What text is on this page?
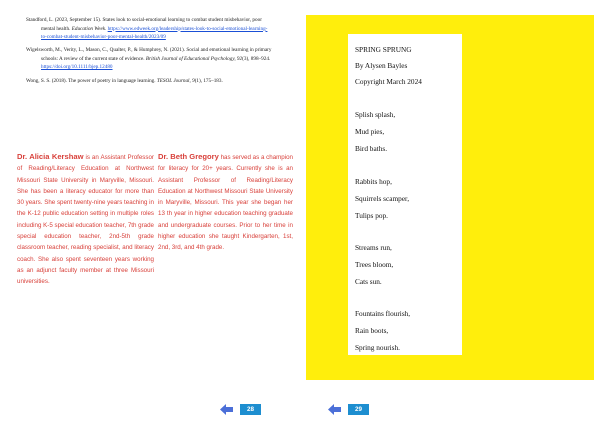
Standford, L. (2023, September 15). States look to social-emotional learning to combat student misbehavior, poor mental health. Education Week. https://www.edweek.org/leadership/states-look-to-social-emotional-learning-to-combat-student-misbehavior-poor-mental-health/2023/09
Wigelsworth, M., Verity, L., Mason, C., Qualter, P., & Humphrey, N. (2021). Social and emotional learning in primary schools: A review of the current state of evidence. British Journal of Educational Psychology, 92(3), 898–924. https://doi.org/10.1111/bjep.12480
Wong, S. S. (2018). The power of poetry in language learning. TESOL Journal, 9(1), 175–183.
Dr. Alicia Kershaw is an Assistant Professor of Reading/Literacy Education at Northwest Missouri State University in Maryville, Missouri. She has been a literacy educator for more than 30 years. She spent twenty-nine years teaching in the K-12 public education setting in multiple roles including K-5 special education teacher, 7th grade special education teacher, 2nd-5th grade classroom teacher, reading specialist, and literacy coach. She also spent seventeen years working as an adjunct faculty member at three Missouri universities.
Dr. Beth Gregory has served as a champion for literacy for 20+ years. Currently she is an Assistant Professor of Reading/Literacy Education at Northwest Missouri State University in Maryville, Missouri. This year she began her 13 th year in higher education teaching graduate and undergraduate courses. Prior to her time in higher education she taught Kindergarten, 1st, 2nd, 3rd, and 4th grade.
SPRING SPRUNG
By Alysen Bayles
Copyright March 2024
Splish splash,
Mud pies,
Bird baths.
Rabbits hop,
Squirrels scamper,
Tulips pop.
Streams run,
Trees bloom,
Cats sun.
Fountains flourish,
Rain boots,
Spring nourish.
28	29
